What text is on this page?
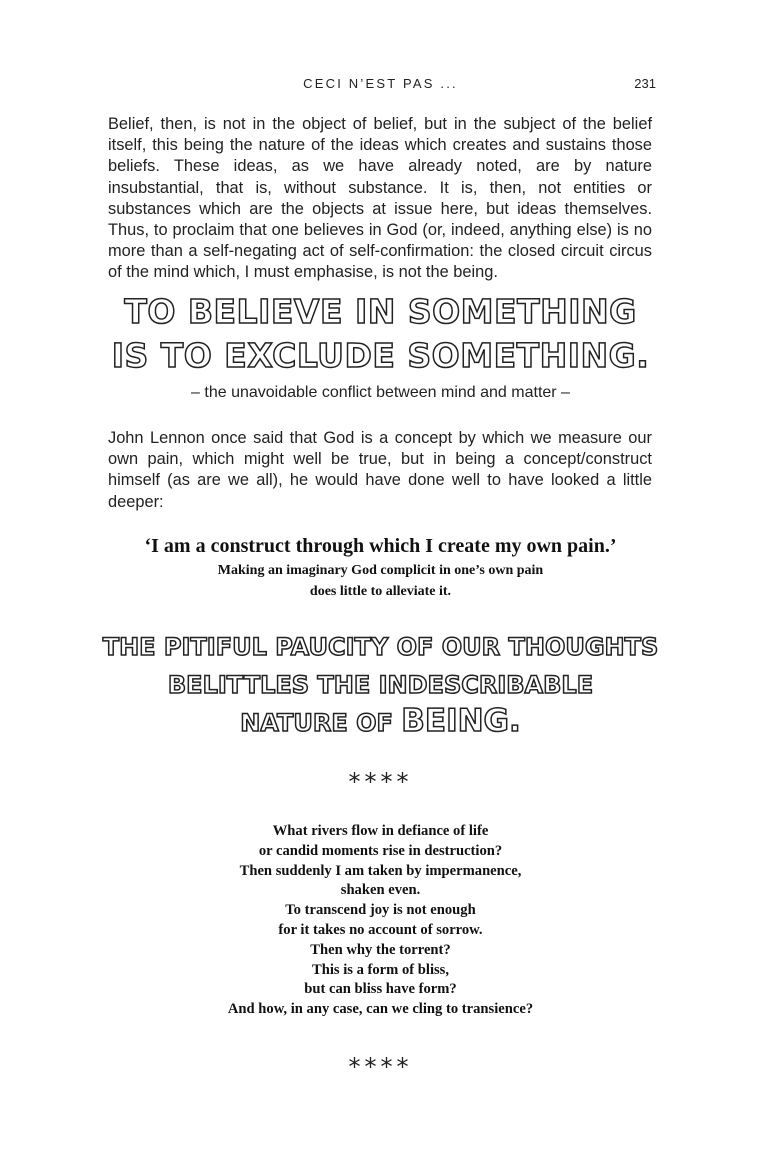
CECI N’EST PAS ...	231

Belief, then, is not in the object of belief, but in the subject of the belief itself, this being the nature of the ideas which creates and sustains those beliefs. These ideas, as we have already noted, are by nature insubstantial, that is, without substance. It is, then, not entities or substances which are the objects at issue here, but ideas themselves. Thus, to proclaim that one believes in God (or, indeed, anything else) is no more than a self-negating act of self-confirmation: the closed circuit circus of the mind which, I must emphasise, is not the being.

TO BELIEVE IN SOMETHING

IS TO EXCLUDE SOMETHING.

– the unavoidable conflict between mind and matter –

John Lennon once said that God is a concept by which we measure our own pain, which might well be true, but in being a concept/construct himself (as are we all), he would have done well to have looked a little deeper:

‘I am a construct through which I create my own pain.’

Making an imaginary God complicit in one’s own pain

does little to alleviate it.

THE PITIFUL PAUCITY OF OUR THOUGHTS

BELITTLES THE INDESCRIBABLE

NATURE OF BEING.

****

What rivers flow in defiance of life
or candid moments rise in destruction?
Then suddenly I am taken by impermanence,
shaken even.
To transcend joy is not enough
for it takes no account of sorrow.
Then why the torrent?
This is a form of bliss,
but can bliss have form?
And how, in any case, can we cling to transience?

****
